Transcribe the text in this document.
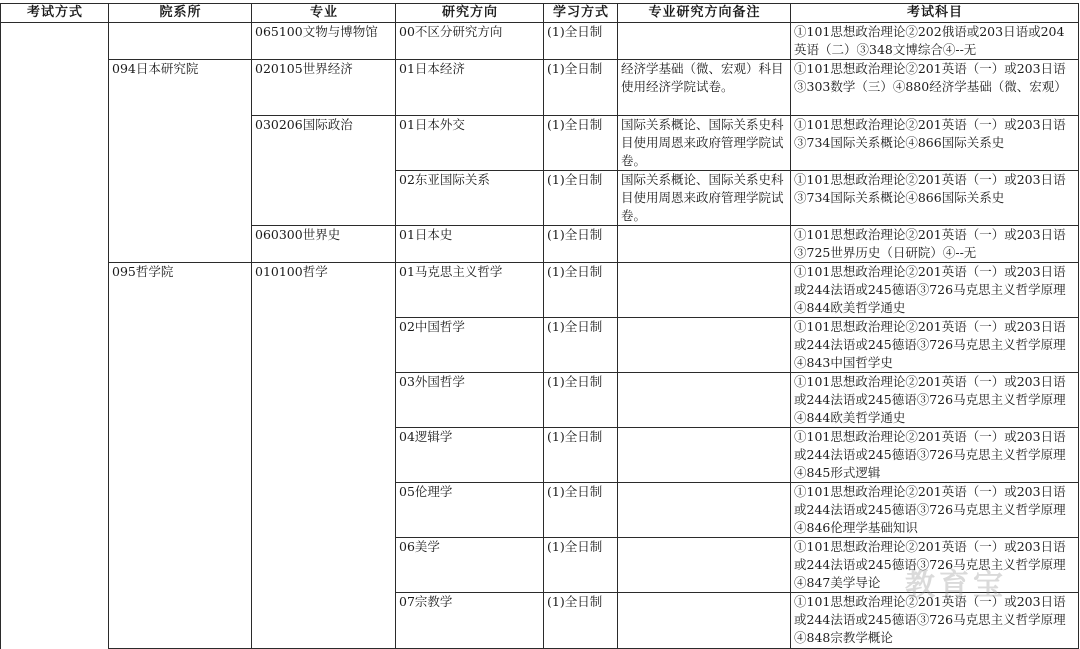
考试方式	院系所	专业	研究方向	学习方式	专业研究方向备注	考试科目
		065100文物与博物馆	00不区分研究方向	(1)全日制		①101思想政治理论②202俄语或203日语或204英语（二）③348文博综合④--无
	094日本研究院	020105世界经济	01日本经济	(1)全日制	经济学基础（微、宏观）科目使用经济学院试卷。	①101思想政治理论②201英语（一）或203日语③303数学（三）④880经济学基础（微、宏观）
		030206国际政治	01日本外交	(1)全日制	国际关系概论、国际关系史科目使用周恩来政府管理学院试卷。	①101思想政治理论②201英语（一）或203日语③734国际关系概论④866国际关系史
			02东亚国际关系	(1)全日制	国际关系概论、国际关系史科目使用周恩来政府管理学院试卷。	①101思想政治理论②201英语（一）或203日语③734国际关系概论④866国际关系史
		060300世界史	01日本史	(1)全日制		①101思想政治理论②201英语（一）或203日语③725世界历史（日研院）④--无
	095哲学院	010100哲学	01马克思主义哲学	(1)全日制		①101思想政治理论②201英语（一）或203日语或244法语或245德语③726马克思主义哲学原理④844欧美哲学通史
			02中国哲学	(1)全日制		①101思想政治理论②201英语（一）或203日语或244法语或245德语③726马克思主义哲学原理④843中国哲学史
			03外国哲学	(1)全日制		①101思想政治理论②201英语（一）或203日语或244法语或245德语③726马克思主义哲学原理④844欧美哲学通史
			04逻辑学	(1)全日制		①101思想政治理论②201英语（一）或203日语或244法语或245德语③726马克思主义哲学原理④845形式逻辑
			05伦理学	(1)全日制		①101思想政治理论②201英语（一）或203日语或244法语或245德语③726马克思主义哲学原理④846伦理学基础知识
			06美学	(1)全日制		①101思想政治理论②201英语（一）或203日语或244法语或245德语③726马克思主义哲学原理④847美学导论
			07宗教学	(1)全日制		①101思想政治理论②201英语（一）或203日语或244法语或245德语③726马克思主义哲学原理④848宗教学概论
教育宝
